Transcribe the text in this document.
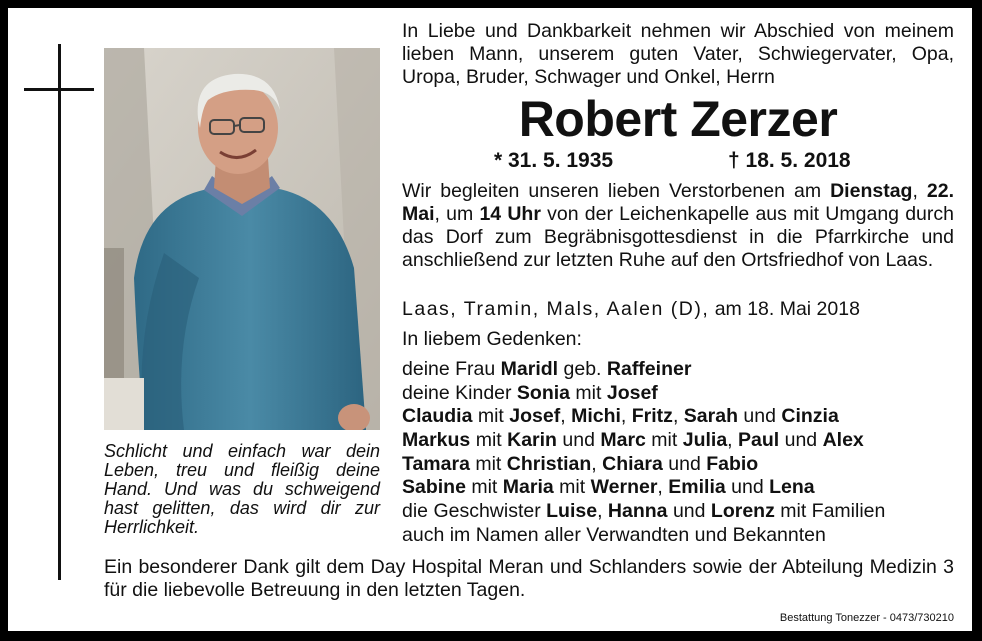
Schlicht und einfach war dein Leben, treu und fleißig deine Hand. Und was du schweigend hast gelitten, das wird dir zur Herrlichkeit.
In Liebe und Dankbarkeit nehmen wir Abschied von meinem lieben Mann, unserem guten Vater, Schwiegervater, Opa, Uropa, Bruder, Schwager und Onkel, Herrn
Robert Zerzer
* 31. 5. 1935	† 18. 5. 2018
Wir begleiten unseren lieben Verstorbenen am Dienstag, 22. Mai, um 14 Uhr von der Leichenkapelle aus mit Umgang durch das Dorf zum Begräbnisgottesdienst in die Pfarrkirche und anschließend zur letzten Ruhe auf den Ortsfriedhof von Laas.
Laas, Tramin, Mals, Aalen (D), am 18. Mai 2018
In liebem Gedenken:
deine Frau Maridl geb. Raffeiner
deine Kinder Sonia mit Josef
Claudia mit Josef, Michi, Fritz, Sarah und Cinzia
Markus mit Karin und Marc mit Julia, Paul und Alex
Tamara mit Christian, Chiara und Fabio
Sabine mit Maria mit Werner, Emilia und Lena
die Geschwister Luise, Hanna und Lorenz mit Familien
auch im Namen aller Verwandten und Bekannten
Ein besonderer Dank gilt dem Day Hospital Meran und Schlanders sowie der Abteilung Medizin 3 für die liebevolle Betreuung in den letzten Tagen.
Bestattung Tonezzer - 0473/730210
